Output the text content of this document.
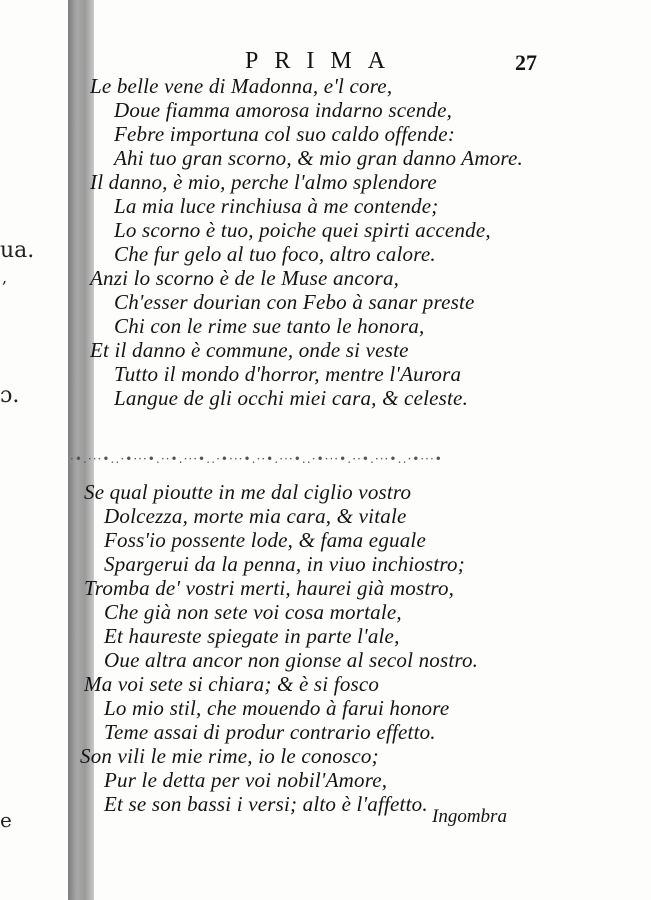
ua.
,
ɔ.
e
PRIMA	27
Le belle vene di Madonna, e'l core,
Doue fiamma amorosa indarno scende,
Febre importuna col suo caldo offende:
Ahi tuo gran scorno, & mio gran danno Amore.
Il danno, è mio, perche l'almo splendore
La mia luce rinchiusa à me contende;
Lo scorno è tuo, poiche quei spirti accende,
Che fur gelo al tuo foco, altro calore.
Anzi lo scorno è de le Muse ancora,
Ch'esser dourian con Febo à sanar preste
Chi con le rime sue tanto le honora,
Et il danno è commune, onde si veste
Tutto il mondo d'horror, mentre l'Aurora
Langue de gli occhi miei cara, & celeste.
·•․·‧·•․․·•·‧·•․··•․·‧·•․․·•·‧·•․··•․·‧·•․․·•·‧·•․··•․·‧·•․․·•·‧·•
Se qual pioutte in me dal ciglio vostro
Dolcezza, morte mia cara, & vitale
Foss'io possente lode, & fama eguale
Spargerui da la penna, in viuo inchiostro;
Tromba de' vostri merti, haurei già mostro,
Che già non sete voi cosa mortale,
Et haureste spiegate in parte l'ale,
Oue altra ancor non gionse al secol nostro.
Ma voi sete si chiara; & è si fosco
Lo mio stil, che mouendo à farui honore
Teme assai di produr contrario effetto.
Son vili le mie rime, io le conosco;
Pur le detta per voi nobil'Amore,
Et se son bassi i versi; alto è l'affetto.
Ingombra
